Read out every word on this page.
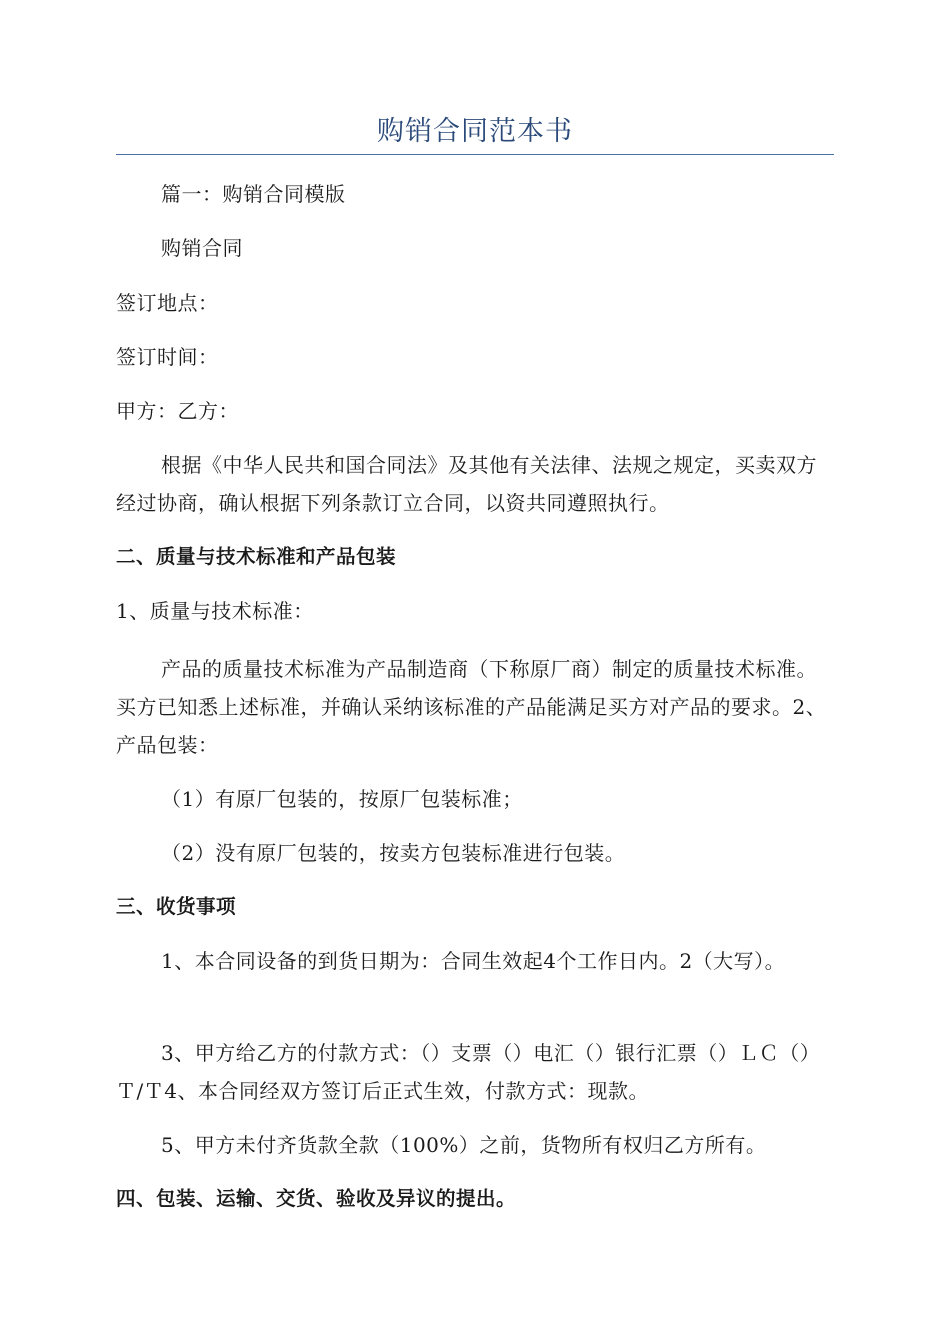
购销合同范本书

篇一：购销合同模版

购销合同

签订地点：

签订时间：

甲方：乙方：

根据《中华人民共和国合同法》及其他有关法律、法规之规定，买卖双方经过协商，确认根据下列条款订立合同，以资共同遵照执行。

二、质量与技术标准和产品包装

1、质量与技术标准：

产品的质量技术标准为产品制造商（下称原厂商）制定的质量技术标准。买方已知悉上述标准，并确认采纳该标准的产品能满足买方对产品的要求。2、产品包装：

（1）有原厂包装的，按原厂包装标准；

（2）没有原厂包装的，按卖方包装标准进行包装。

三、收货事项

1、本合同设备的到货日期为：合同生效起4个工作日内。2（大写）。

3、甲方给乙方的付款方式：（）支票（）电汇（）银行汇票（）ＬＣ（）Ｔ/Ｔ4、本合同经双方签订后正式生效，付款方式：现款。

5、甲方未付齐货款全款（100%）之前，货物所有权归乙方所有。

四、包装、运输、交货、验收及异议的提出。
